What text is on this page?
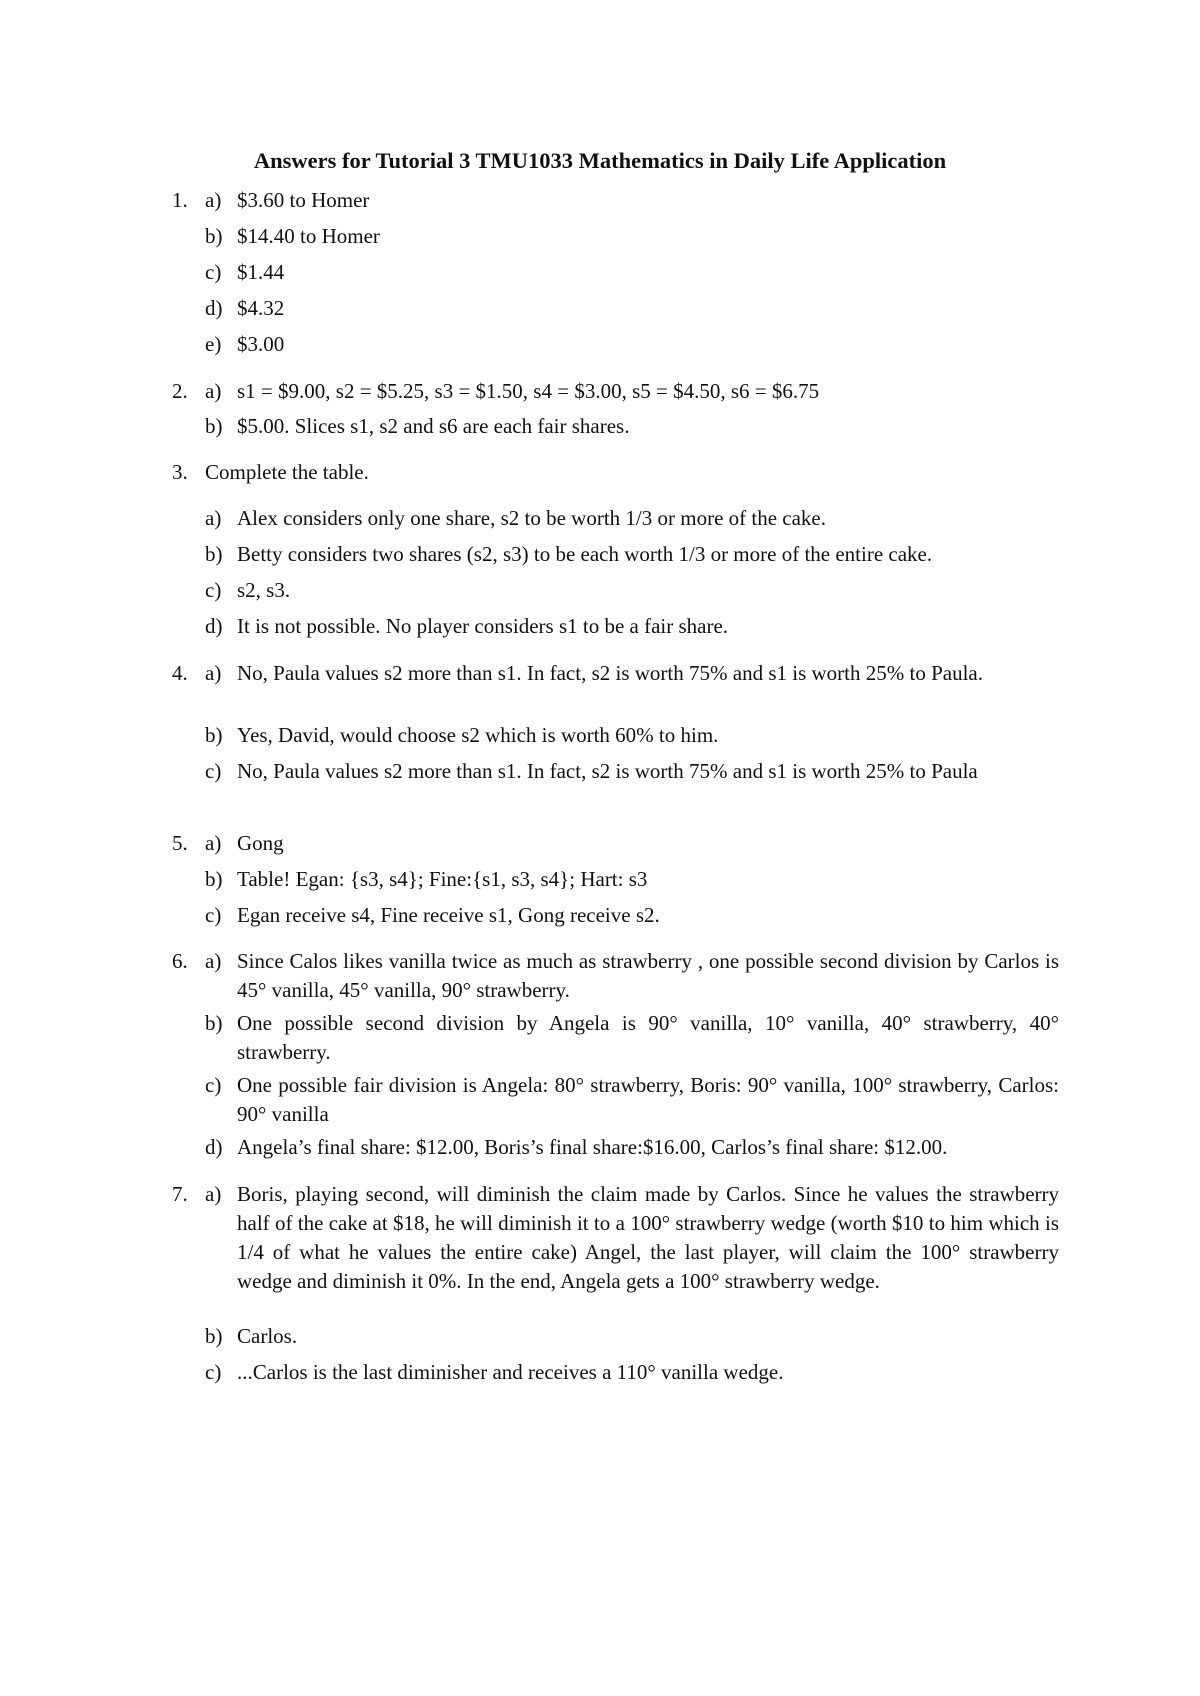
Answers for Tutorial 3 TMU1033 Mathematics in Daily Life Application
1. a) $3.60 to Homer
b) $14.40 to Homer
c) $1.44
d) $4.32
e) $3.00
2. a) s1 = $9.00, s2 = $5.25, s3 = $1.50, s4 = $3.00, s5 = $4.50, s6 = $6.75
b) $5.00. Slices s1, s2 and s6 are each fair shares.
3. Complete the table.
a) Alex considers only one share, s2 to be worth 1/3 or more of the cake.
b) Betty considers two shares (s2, s3) to be each worth 1/3 or more of the entire cake.
c) s2, s3.
d) It is not possible. No player considers s1 to be a fair share.
4. a) No, Paula values s2 more than s1. In fact, s2 is worth 75% and s1 is worth 25% to Paula.
b) Yes, David, would choose s2 which is worth 60% to him.
c) No, Paula values s2 more than s1. In fact, s2 is worth 75% and s1 is worth 25% to Paula
5. a) Gong
b) Table! Egan: {s3, s4}; Fine:{s1, s3, s4}; Hart: s3
c) Egan receive s4, Fine receive s1, Gong receive s2.
6. a) Since Calos likes vanilla twice as much as strawberry , one possible second division by Carlos is 45° vanilla, 45° vanilla, 90° strawberry.
b) One possible second division by Angela is 90° vanilla, 10° vanilla, 40° strawberry, 40° strawberry.
c) One possible fair division is Angela: 80° strawberry, Boris: 90° vanilla, 100° strawberry, Carlos: 90° vanilla
d) Angela’s final share: $12.00, Boris’s final share:$16.00, Carlos’s final share: $12.00.
7. a) Boris, playing second, will diminish the claim made by Carlos. Since he values the strawberry half of the cake at $18, he will diminish it to a 100° strawberry wedge (worth $10 to him which is 1/4 of what he values the entire cake) Angel, the last player, will claim the 100° strawberry wedge and diminish it 0%. In the end, Angela gets a 100° strawberry wedge.
b) Carlos.
c) ...Carlos is the last diminisher and receives a 110° vanilla wedge.
